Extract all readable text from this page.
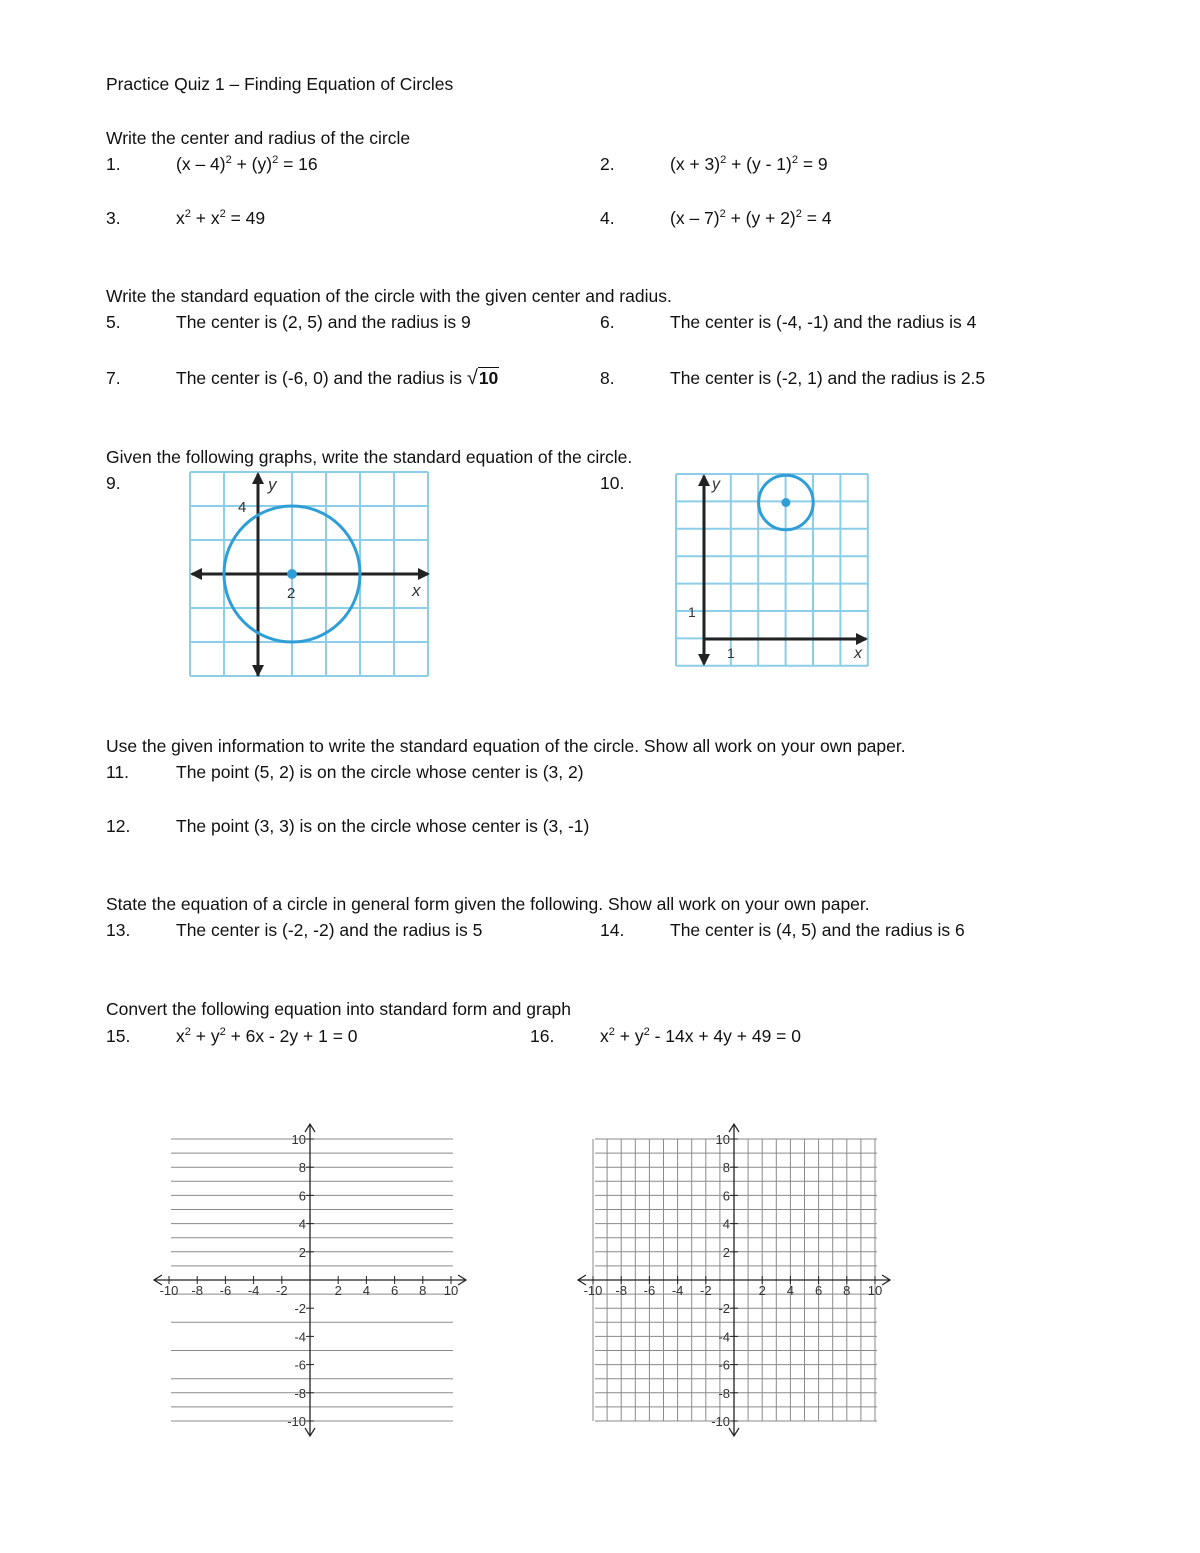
Practice Quiz 1 – Finding Equation of Circles
Write the center and radius of the circle
1.	$(x - 4)^2 + (y)^2 = 16$	2.	$(x + 3)^2 + (y - 1)^2 = 9$
3.	$x^2 + x^2 = 49$	4.	$(x - 7)^2 + (y + 2)^2 = 4$
Write the standard equation of the circle with the given center and radius.
5.	The center is (2, 5) and the radius is 9	6.	The center is (-4, -1) and the radius is 4
7.	The center is (-6, 0) and the radius is √10	8.	The center is (-2, 1) and the radius is 2.5
Given the following graphs, write the standard equation of the circle.
9.	10.
y
x
4
2
y
x
1
1
Use the given information to write the standard equation of the circle. Show all work on your own paper.
11.	The point (5, 2) is on the circle whose center is (3, 2)
12.	The point (3, 3) is on the circle whose center is (3, -1)
State the equation of a circle in general form given the following. Show all work on your own paper.
13.	The center is (-2, -2) and the radius is 5	14.	The center is (4, 5) and the radius is 6
Convert the following equation into standard form and graph
15.	$x^2 + y^2 + 6x - 2y + 1 = 0$	16.	$x^2 + y^2 - 14x + 4y + 49 = 0$
-10
-10
-8
-8
-6
-6
-4
-4
-2
-2
2
2
4
4
6
6
8
8
10
10
-10
-10
-8
-8
-6
-6
-4
-4
-2
-2
2
2
4
4
6
6
8
8
10
10
